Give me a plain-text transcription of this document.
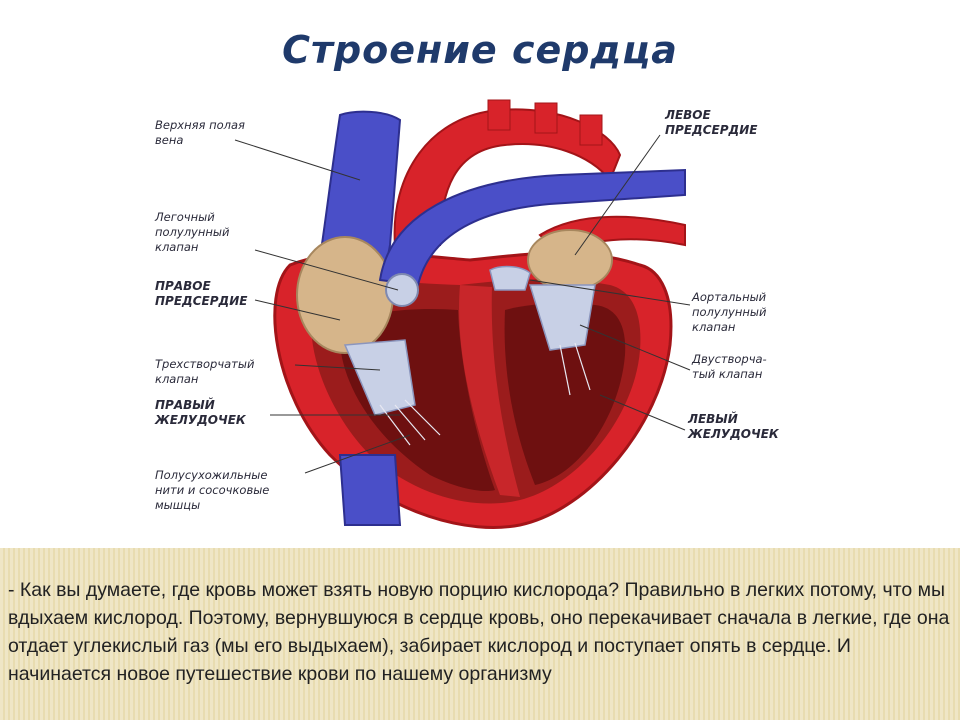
Строение сердца
Верхняя полая
вена
Легочный
полулунный
клапан
ПРАВОЕ
ПРЕДСЕРДИЕ
Трехстворчатый
клапан
ПРАВЫЙ
ЖЕЛУДОЧЕК
Полусухожильные
нити и сосочковые
мышцы
ЛЕВОЕ
ПРЕДСЕРДИЕ
Аортальный
полулунный
клапан
Двустворча-
тый клапан
ЛЕВЫЙ
ЖЕЛУДОЧЕК
- Как вы думаете, где кровь может взять новую порцию кислорода? Правильно в легких потому, что мы вдыхаем кислород. Поэтому, вернувшуюся в сердце кровь, оно перекачивает сначала в легкие, где она отдает углекислый газ (мы его выдыхаем), забирает кислород и поступает опять в сердце. И начинается новое путешествие крови по нашему организму
